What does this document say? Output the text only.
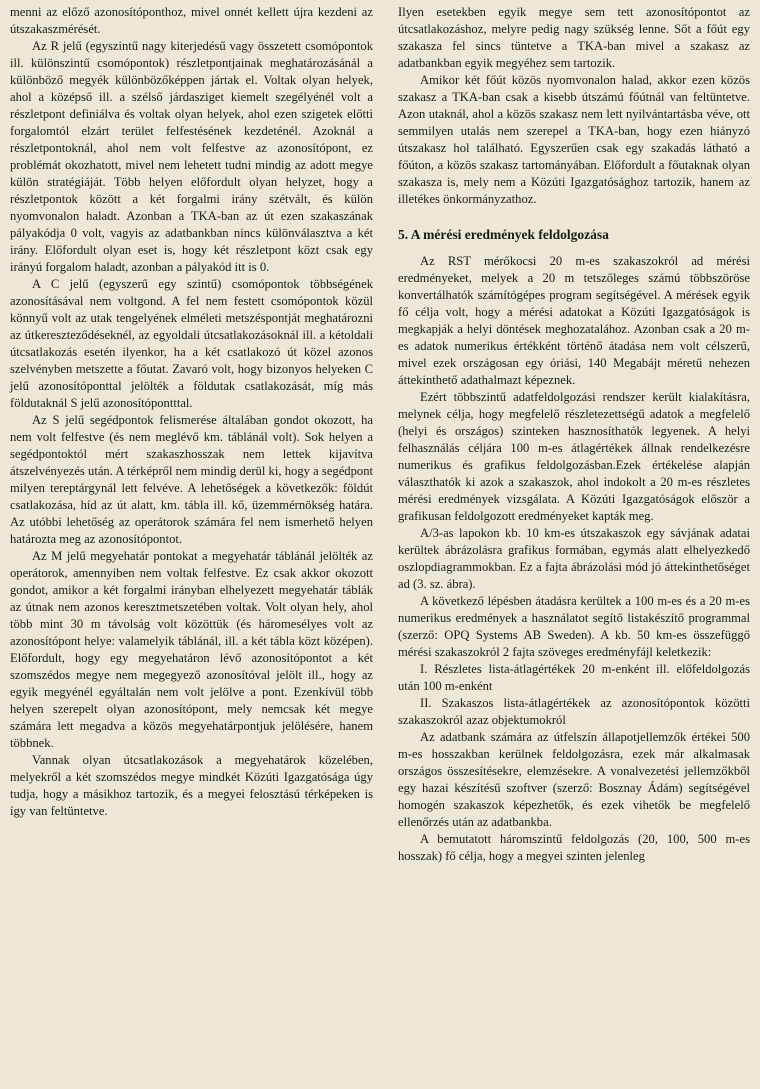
menni az előző azonosítóponthoz, mivel onnét kellett újra kezdeni az útszakaszmérését.

Az R jelű (egyszintű nagy kiterjedésű vagy összetett csomópontok ill. különszintű csomópontok) részletpontjainak meghatározásánál a különböző megyék különbözőképpen jártak el. Voltak olyan helyek, ahol a középső ill. a szélső járdasziget kiemelt szegélyénél volt a részletpont definiálva és voltak olyan helyek, ahol ezen szigetek előtti forgalomtól elzárt terület felfestésének kezdeténél. Azoknál a részletpontoknál, ahol nem volt felfestve az azonosítópont, ez problémát okozhatott, mivel nem lehetett tudni mindig az adott megye külön stratégiáját. Több helyen előfordult olyan helyzet, hogy a részletpontok között a két forgalmi irány szétvált, és külön nyomvonalon haladt. Azonban a TKA-ban az út ezen szakaszának pályakódja 0 volt, vagyis az adatbankban nincs különválasztva a két irány. Előfordult olyan eset is, hogy két részletpont közt csak egy irányú forgalom haladt, azonban a pályakód itt is 0.

A C jelű (egyszerű egy szintű) csomópontok többségének azonosításával nem voltgond. A fel nem festett csomópontok közül könnyű volt az utak tengelyének elméleti metszéspontját meghatározni az útkereszteződéseknél, az egyoldali útcsatlakozásoknál ill. a kétoldali útcsatlakozás esetén ilyenkor, ha a két csatlakozó út közel azonos szelvényben metszette a főutat. Zavaró volt, hogy bizonyos helyeken C jelű azonosítóponttal jelölték a földutak csatlakozását, míg más földutaknál S jelű azonosítópontttal.

Az S jelű segédpontok felismerése általában gondot okozott, ha nem volt felfestve (és nem meglévő km. táblánál volt). Sok helyen a segédpontoktól mért szakaszhosszak nem lettek kijavítva átszelvényezés után. A térképről nem mindig derül ki, hogy a segédpont milyen tereptárgynál lett felvéve. A lehetőségek a következők: földút csatlakozása, híd az út alatt, km. tábla ill. kő, üzemmérnökség határa. Az utóbbi lehetőség az operátorok számára fel nem ismerhető helyen határozta meg az azonosítópontot.

Az M jelű megyehatár pontokat a megyehatár táblánál jelölték az operátorok, amennyiben nem voltak felfestve. Ez csak akkor okozott gondot, amikor a két forgalmi irányban elhelyezett megyehatár táblák az útnak nem azonos keresztmetszetében voltak. Volt olyan hely, ahol több mint 30 m távolság volt közöttük (és háromesélyes volt az azonosítópont helye: valamelyik táblánál, ill. a két tábla közt középen). Előfordult, hogy egy megyehatáron lévő azonosítópontot a két szomszédos megye nem megegyező azonosítóval jelölt ill., hogy az egyik megyénél egyáltalán nem volt jelölve a pont. Ezenkívül több helyen szerepelt olyan azonosítópont, mely nemcsak két megye számára lett megadva a közös megyehatárpontjuk jelölésére, hanem többnek.

Vannak olyan útcsatlakozások a megyehatárok közelében, melyekről a két szomszédos megye mindkét Közúti Igazgatósága úgy tudja, hogy a másikhoz tartozik, és a megyei felosztású térképeken is így van feltüntetve.

Ilyen esetekben egyik megye sem tett azonosítópontot az útcsatlakozáshoz, melyre pedig nagy szükség lenne. Sőt a főút egy szakasza fel sincs tüntetve a TKA-ban mivel a szakasz az adatbankban egyik megyéhez sem tartozik.

Amikor két főút közös nyomvonalon halad, akkor ezen közös szakasz a TKA-ban csak a kisebb útszámú főútnál van feltüntetve. Azon utaknál, ahol a közös szakasz nem lett nyilvántartásba véve, ott semmilyen utalás nem szerepel a TKA-ban, hogy ezen hiányzó útszakasz hol található. Egyszerűen csak egy szakadás látható a főúton, a közös szakasz tartományában. Előfordult a főutaknak olyan szakasza is, mely nem a Közúti Igazgatósághoz tartozik, hanem az illetékes önkormányzathoz.

5. A mérési eredmények feldolgozása

Az RST mérőkocsi 20 m-es szakaszokról ad mérési eredményeket, melyek a 20 m tetszőleges számú többszöröse konvertálhatók számítógépes program segítségével. A mérések egyik fő célja volt, hogy a mérési adatokat a Közúti Igazgatóságok is megkapják a helyi döntések meghozatalához. Azonban csak a 20 m-es adatok numerikus értékként történő átadása nem volt célszerű, mivel ezek országosan egy óriási, 140 Megabájt méretű nehezen áttekinthető adathalmazt képeznek.

Ezért többszintű adatfeldolgozási rendszer került kialakításra, melynek célja, hogy megfelelő részletezettségű adatok a megfelelő (helyi és országos) szinteken hasznosíthatók legyenek. A helyi felhasználás céljára 100 m-es átlagértékek állnak rendelkezésre numerikus és grafikus feldolgozásban.Ezek értékelése alapján választhatók ki azok a szakaszok, ahol indokolt a 20 m-es részletes mérési eredmények vizsgálata. A Közúti Igazgatóságok először a grafikusan feldolgozott eredményeket kapták meg.

A/3-as lapokon kb. 10 km-es útszakaszok egy sávjának adatai kerültek ábrázolásra grafikus formában, egymás alatt elhelyezkedő oszlopdiagrammokban. Ez a fajta ábrázolási mód jó áttekinthetőséget ad (3. sz. ábra).

A következő lépésben átadásra kerültek a 100 m-es és a 20 m-es numerikus eredmények a használatot segítő listakészítő programmal (szerző: OPQ Systems AB Sweden). A kb. 50 km-es összefüggő mérési szakaszokról 2 fajta szöveges eredményfájl keletkezik:

I. Részletes lista-átlagértékek 20 m-enként ill. előfeldolgozás után 100 m-enként

II. Szakaszos lista-átlagértékek az azonosítópontok közötti szakaszokról azaz objektumokról

Az adatbank számára az útfelszín állapotjellemzők értékei 500 m-es hosszakban kerülnek feldolgozásra, ezek már alkalmasak országos összesítésekre, elemzésekre. A vonalvezetési jellemzőkből egy hazai készítésű szoftver (szerző: Bosznay Ádám) segítségével homogén szakaszok képezhetők, és ezek vihetők be megfelelő ellenőrzés után az adatbankba.

A bemutatott háromszintű feldolgozás (20, 100, 500 m-es hosszak) fő célja, hogy a megyei szinten jelenleg
